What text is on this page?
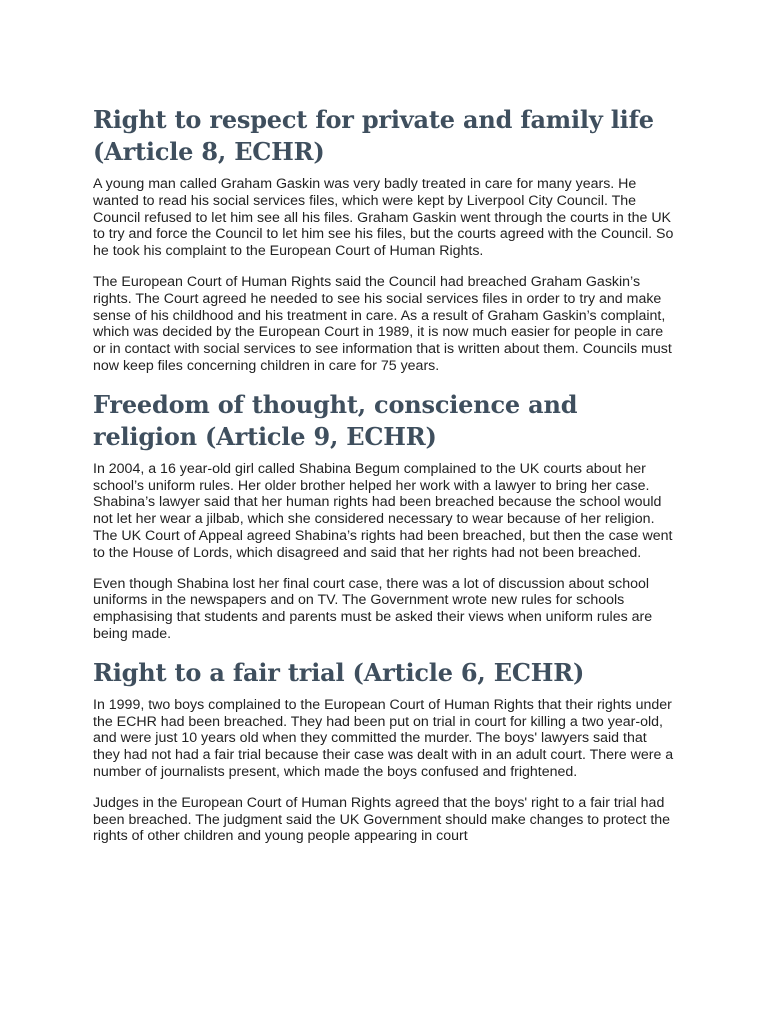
Right to respect for private and family life (Article 8, ECHR)

A young man called Graham Gaskin was very badly treated in care for many years. He wanted to read his social services files, which were kept by Liverpool City Council. The Council refused to let him see all his files. Graham Gaskin went through the courts in the UK to try and force the Council to let him see his files, but the courts agreed with the Council. So he took his complaint to the European Court of Human Rights.

The European Court of Human Rights said the Council had breached Graham Gaskin’s rights. The Court agreed he needed to see his social services files in order to try and make sense of his childhood and his treatment in care. As a result of Graham Gaskin’s complaint, which was decided by the European Court in 1989, it is now much easier for people in care or in contact with social services to see information that is written about them. Councils must now keep files concerning children in care for 75 years.

Freedom of thought, conscience and religion (Article 9, ECHR)

In 2004, a 16 year-old girl called Shabina Begum complained to the UK courts about her school’s uniform rules. Her older brother helped her work with a lawyer to bring her case. Shabina’s lawyer said that her human rights had been breached because the school would not let her wear a jilbab, which she considered necessary to wear because of her religion. The UK Court of Appeal agreed Shabina’s rights had been breached, but then the case went to the House of Lords, which disagreed and said that her rights had not been breached.

Even though Shabina lost her final court case, there was a lot of discussion about school uniforms in the newspapers and on TV. The Government wrote new rules for schools emphasising that students and parents must be asked their views when uniform rules are being made.

Right to a fair trial (Article 6, ECHR)

In 1999, two boys complained to the European Court of Human Rights that their rights under the ECHR had been breached. They had been put on trial in court for killing a two year-old, and were just 10 years old when they committed the murder. The boys' lawyers said that they had not had a fair trial because their case was dealt with in an adult court. There were a number of journalists present, which made the boys confused and frightened.

Judges in the European Court of Human Rights agreed that the boys' right to a fair trial had been breached. The judgment said the UK Government should make changes to protect the rights of other children and young people appearing in court
